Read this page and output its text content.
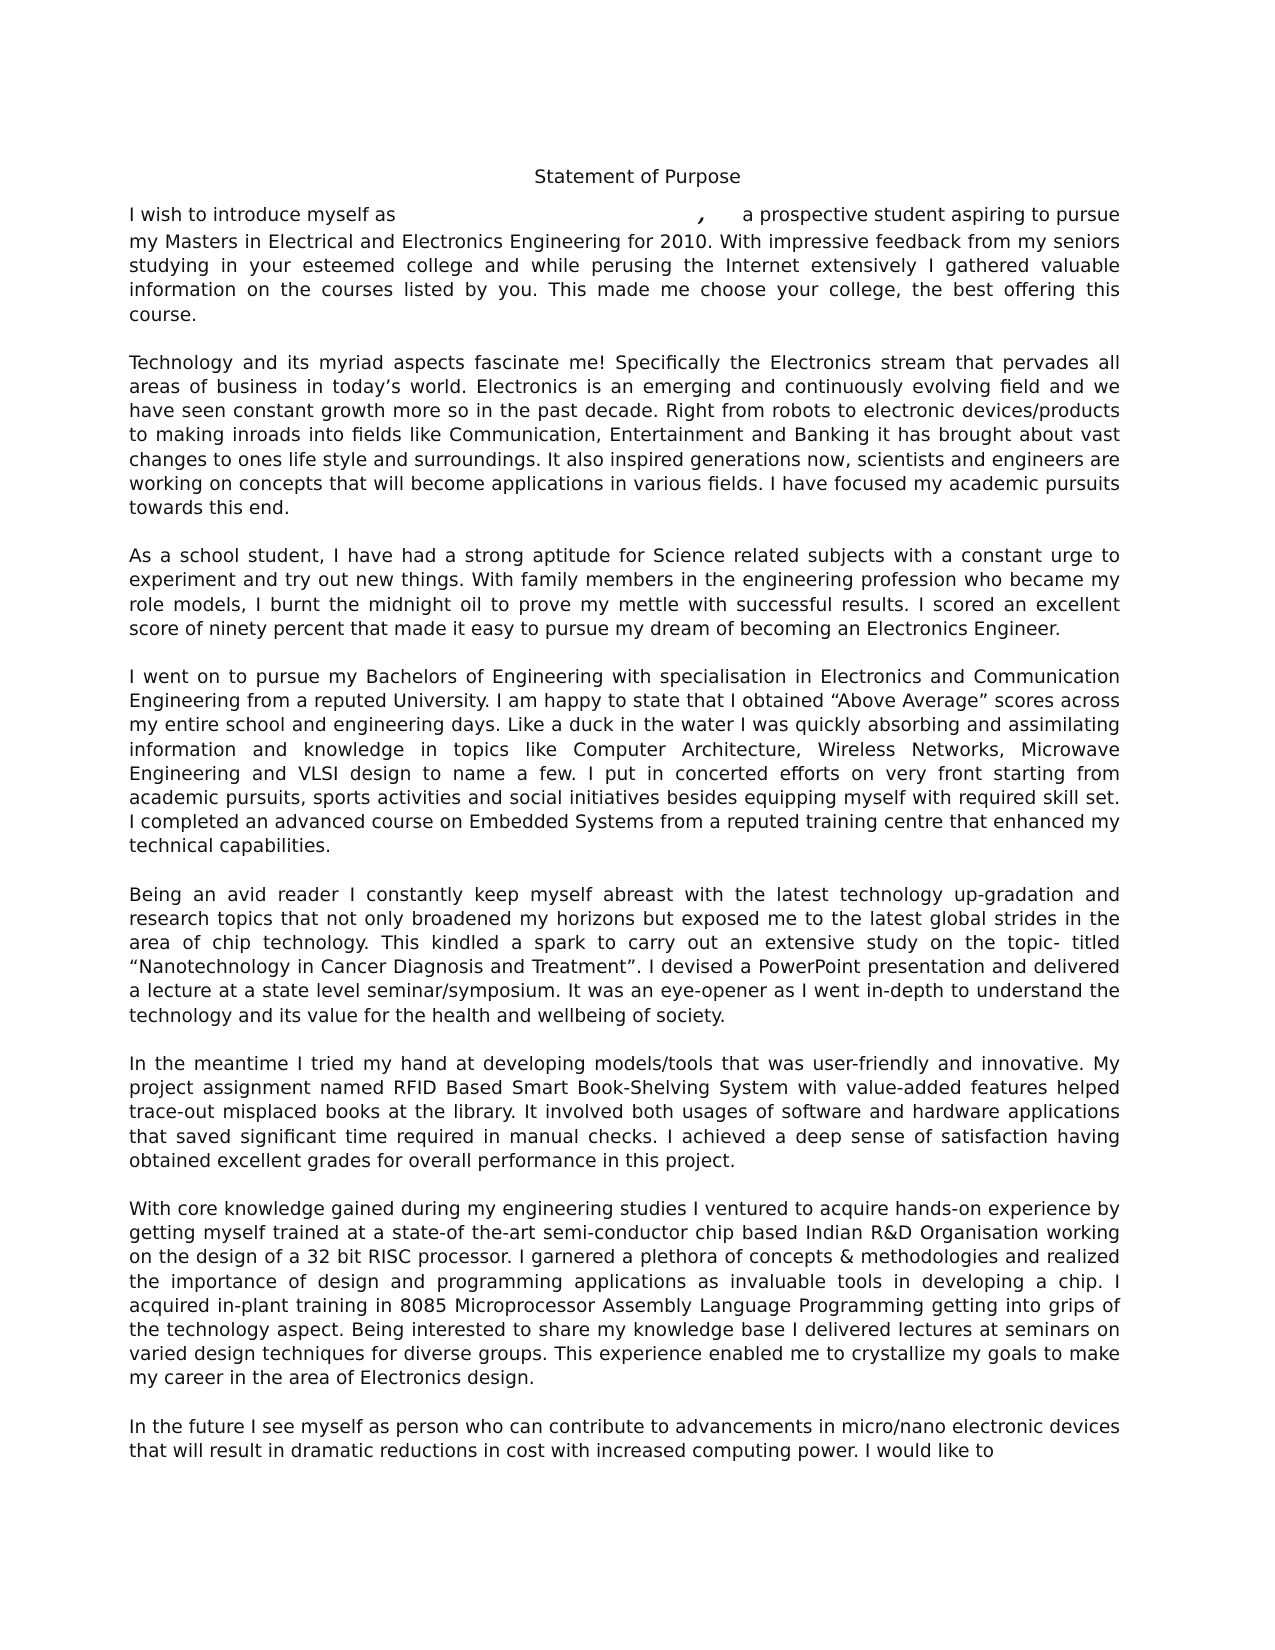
Statement of Purpose
I wish to introduce myself as	,	a prospective student aspiring to pursue

my Masters in Electrical and Electronics Engineering for 2010. With impressive feedback from my seniors studying in your esteemed college and while perusing the Internet extensively I gathered valuable information on the courses listed by you. This made me choose your college, the best offering this course.

Technology and its myriad aspects fascinate me! Specifically the Electronics stream that pervades all areas of business in today’s world. Electronics is an emerging and continuously evolving field and we have seen constant growth more so in the past decade. Right from robots to electronic devices/products to making inroads into fields like Communication, Entertainment and Banking it has brought about vast changes to ones life style and surroundings. It also inspired generations now, scientists and engineers are working on concepts that will become applications in various fields. I have focused my academic pursuits towards this end.

As a school student, I have had a strong aptitude for Science related subjects with a constant urge to experiment and try out new things. With family members in the engineering profession who became my role models, I burnt the midnight oil to prove my mettle with successful results. I scored an excellent score of ninety percent that made it easy to pursue my dream of becoming an Electronics Engineer.

I went on to pursue my Bachelors of Engineering with specialisation in Electronics and Communication Engineering from a reputed University. I am happy to state that I obtained “Above Average” scores across my entire school and engineering days. Like a duck in the water I was quickly absorbing and assimilating information and knowledge in topics like Computer Architecture, Wireless Networks, Microwave Engineering and VLSI design to name a few. I put in concerted efforts on very front starting from academic pursuits, sports activities and social initiatives besides equipping myself with required skill set. I completed an advanced course on Embedded Systems from a reputed training centre that enhanced my technical capabilities.

Being an avid reader I constantly keep myself abreast with the latest technology up-gradation and research topics that not only broadened my horizons but exposed me to the latest global strides in the area of chip technology. This kindled a spark to carry out an extensive study on the topic- titled “Nanotechnology in Cancer Diagnosis and Treatment”. I devised a PowerPoint presentation and delivered a lecture at a state level seminar/symposium. It was an eye-opener as I went in-depth to understand the technology and its value for the health and wellbeing of society.

In the meantime I tried my hand at developing models/tools that was user-friendly and innovative. My project assignment named RFID Based Smart Book-Shelving System with value-added features helped trace-out misplaced books at the library. It involved both usages of software and hardware applications that saved significant time required in manual checks. I achieved a deep sense of satisfaction having obtained excellent grades for overall performance in this project.

With core knowledge gained during my engineering studies I ventured to acquire hands-on experience by getting myself trained at a state-of the-art semi-conductor chip based Indian R&D Organisation working on the design of a 32 bit RISC processor. I garnered a plethora of concepts & methodologies and realized the importance of design and programming applications as invaluable tools in developing a chip. I acquired in-plant training in 8085 Microprocessor Assembly Language Programming getting into grips of the technology aspect. Being interested to share my knowledge base I delivered lectures at seminars on varied design techniques for diverse groups. This experience enabled me to crystallize my goals to make my career in the area of Electronics design.

In the future I see myself as person who can contribute to advancements in micro/nano electronic devices that will result in dramatic reductions in cost with increased computing power. I would like to
